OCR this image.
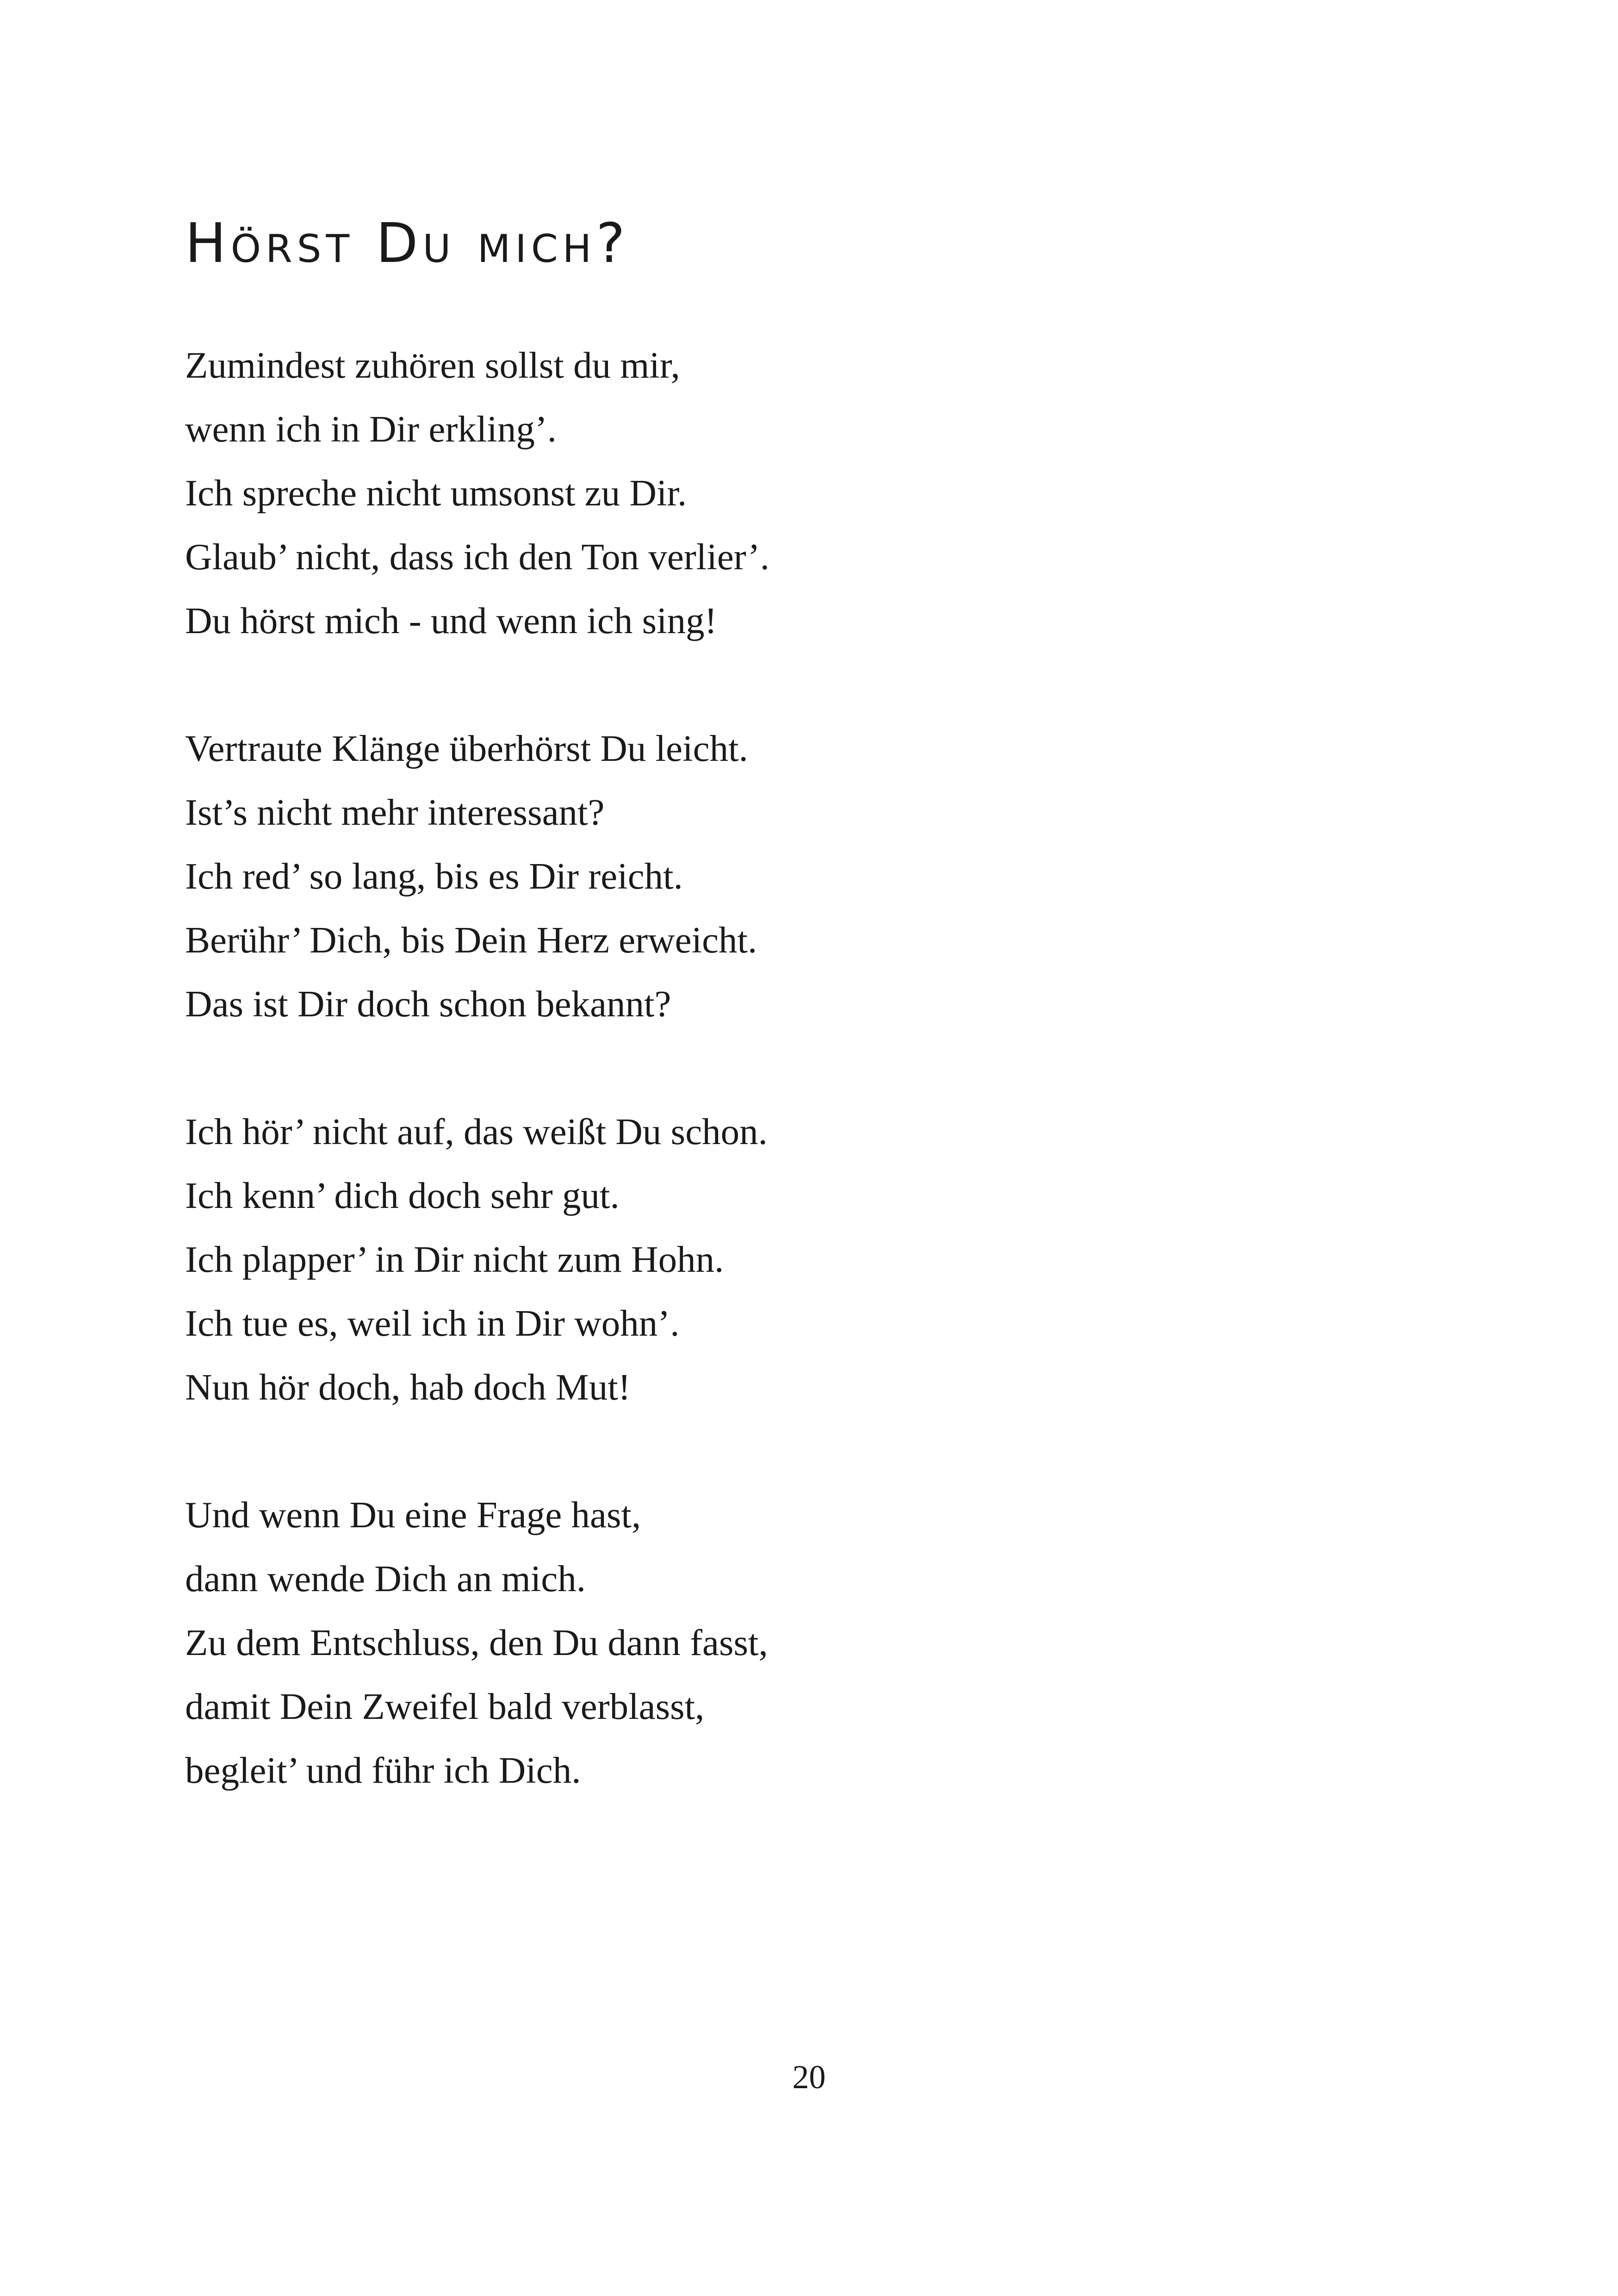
Hörst Du mich?

Zumindest zuhören sollst du mir,
wenn ich in Dir erkling’.
Ich spreche nicht umsonst zu Dir.
Glaub’ nicht, dass ich den Ton verlier’.
Du hörst mich - und wenn ich sing!

Vertraute Klänge überhörst Du leicht.
Ist’s nicht mehr interessant?
Ich red’ so lang, bis es Dir reicht.
Berühr’ Dich, bis Dein Herz erweicht.
Das ist Dir doch schon bekannt?

Ich hör’ nicht auf, das weißt Du schon.
Ich kenn’ dich doch sehr gut.
Ich plapper’ in Dir nicht zum Hohn.
Ich tue es, weil ich in Dir wohn’.
Nun hör doch, hab doch Mut!

Und wenn Du eine Frage hast,
dann wende Dich an mich.
Zu dem Entschluss, den Du dann fasst,
damit Dein Zweifel bald verblasst,
begleit’ und führ ich Dich.

20
